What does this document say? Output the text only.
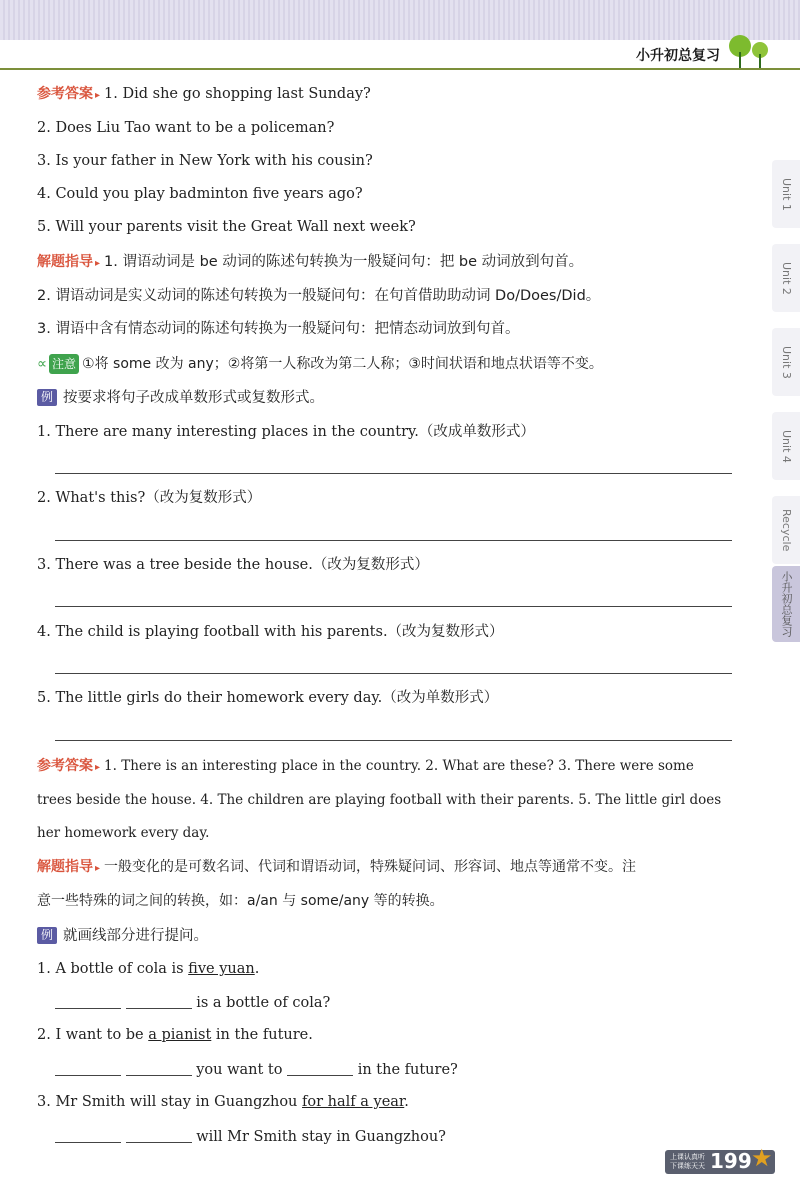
小升初总复习
Unit 1
Unit 2
Unit 3
Unit 4
Recycle
小升初总复习
参考答案 ▸ 1. Did she go shopping last Sunday?
2. Does Liu Tao want to be a policeman?
3. Is your father in New York with his cousin?
4. Could you play badminton five years ago?
5. Will your parents visit the Great Wall next week?
解题指导 ▸ 1. 谓语动词是 be 动词的陈述句转换为一般疑问句：把 be 动词放到句首。
2. 谓语动词是实义动词的陈述句转换为一般疑问句：在句首借助助动词 Do/Does/Did。
3. 谓语中含有情态动词的陈述句转换为一般疑问句：把情态动词放到句首。
∝ 注意 ①将 some 改为 any；②将第一人称改为第二人称；③时间状语和地点状语等不变。
例 按要求将句子改成单数形式或复数形式。
1. There are many interesting places in the country.（改成单数形式）
2. What's this?（改为复数形式）
3. There was a tree beside the house.（改为复数形式）
4. The child is playing football with his parents.（改为复数形式）
5. The little girls do their homework every day.（改为单数形式）
参考答案 ▸ 1. There is an interesting place in the country. 2. What are these? 3. There were some
trees beside the house. 4. The children are playing football with their parents. 5. The little girl does
her homework every day.
解题指导 ▸ 一般变化的是可数名词、代词和谓语动词，特殊疑问词、形容词、地点等通常不变。注
意一些特殊的词之间的转换，如：a/an 与 some/any 等的转换。
例 就画线部分进行提问。
1. A bottle of cola is five yuan.
is a bottle of cola?
2. I want to be a pianist in the future.
you want to	in the future?
3. Mr Smith will stay in Guangzhou for half a year.
will Mr Smith stay in Guangzhou?
上课认真听
下课练天天 199 ★
